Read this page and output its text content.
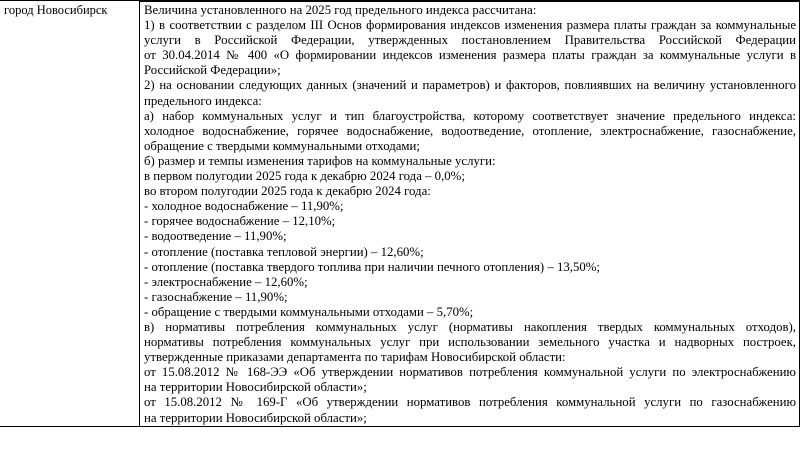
город Новосибирск	Величина установленного на 2025 год предельного индекса рассчитана:
1) в соответствии с разделом III Основ формирования индексов изменения размера платы граждан за коммунальные
услуги в Российской Федерации, утвержденных постановлением Правительства Российской Федерации
от 30.04.2014 № 400 «О формировании индексов изменения размера платы граждан за коммунальные услуги в
Российской Федерации»;
2) на основании следующих данных (значений и параметров) и факторов, повлиявших на величину установленного
предельного индекса:
а) набор коммунальных услуг и тип благоустройства, которому соответствует значение предельного индекса:
холодное водоснабжение, горячее водоснабжение, водоотведение, отопление, электроснабжение, газоснабжение,
обращение с твердыми коммунальными отходами;
б) размер и темпы изменения тарифов на коммунальные услуги:
в первом полугодии 2025 года к декабрю 2024 года – 0,0%;
во втором полугодии 2025 года к декабрю 2024 года:
- холодное водоснабжение – 11,90%;
- горячее водоснабжение – 12,10%;
- водоотведение – 11,90%;
- отопление (поставка тепловой энергии) – 12,60%;
- отопление (поставка твердого топлива при наличии печного отопления) – 13,50%;
- электроснабжение – 12,60%;
- газоснабжение – 11,90%;
- обращение с твердыми коммунальными отходами – 5,70%;
в) нормативы потребления коммунальных услуг (нормативы накопления твердых коммунальных отходов),
нормативы потребления коммунальных услуг при использовании земельного участка и надворных построек,
утвержденные приказами департамента по тарифам Новосибирской области:
от 15.08.2012 № 168-ЭЭ «Об утверждении нормативов потребления коммунальной услуги по электроснабжению
на территории Новосибирской области»;
от 15.08.2012 № 169-Г «Об утверждении нормативов потребления коммунальной услуги по газоснабжению
на территории Новосибирской области»;
